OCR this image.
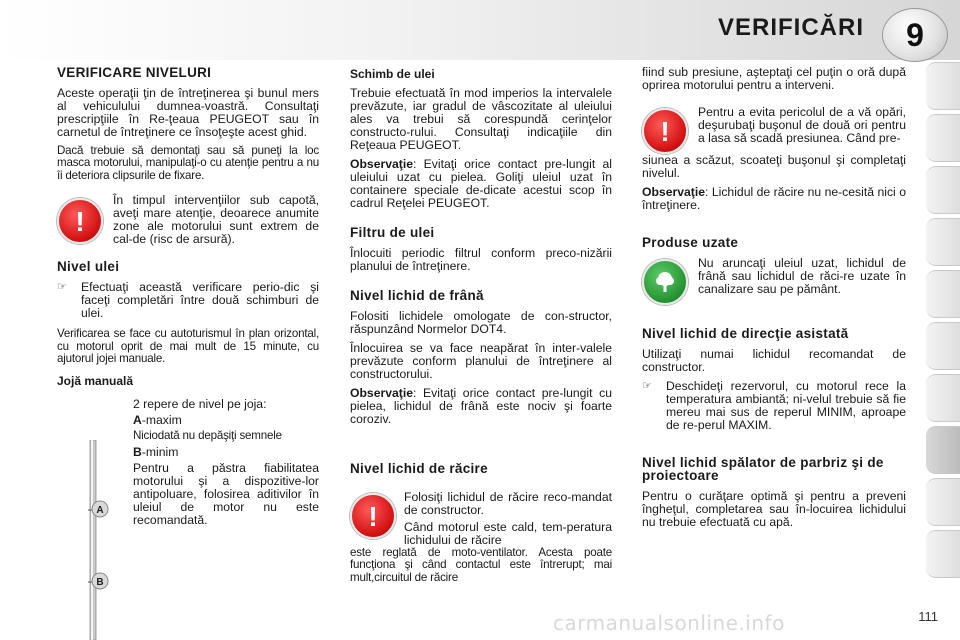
VERIFICĂRI	9
VERIFICARE NIVELURI

Aceste operaţii ţin de întreţinerea şi bunul mers al vehiculului dumnea-voastră. Consultaţi prescripţiile în Re-ţeaua PEUGEOT sau în carnetul de întreţinere ce însoţeşte acest ghid.

Dacă trebuie să demontaţi sau să puneţi la loc masca motorului, manipulaţi-o cu atenţie pentru a nu îi deteriora clipsurile de fixare.

!

În timpul intervenţiilor sub capotă, aveţi mare atenţie, deoarece anumite zone ale motorului sunt extrem de cal-de (risc de arsură).

Nivel ulei
☞	Efectuaţi această verificare perio-dic şi faceţi completări între două schimburi de ulei.

Verificarea se face cu autoturismul în plan orizontal, cu motorul oprit de mai mult de 15 minute, cu ajutorul jojei manuale.

Jojă manuală

2 repere de nivel pe joja:

A-maxim

Niciodată nu depăşiţi semnele

B-minim

Pentru a păstra fiabilitatea motorului şi a dispozitive-lor antipoluare, folosirea aditivilor în uleiul de motor nu este recomandată.

A
B
Schimb de ulei

Trebuie efectuată în mod imperios la intervalele prevăzute, iar gradul de vâscozitate al uleiului ales va trebui să corespundă cerinţelor constructo-rului. Consultaţi indicaţiile din Reţeaua PEUGEOT.

Observaţie: Evitaţi orice contact pre-lungit al uleiului uzat cu pielea. Goliţi uleiul uzat în containere speciale de-dicate acestui scop în cadrul Reţelei PEUGEOT.

Filtru de ulei

Înlocuiti periodic filtrul conform preco-nizării planului de întreţinere.

Nivel lichid de frână

Folositi lichidele omologate de con-structor, răspunzând Normelor DOT4.

Înlocuirea se va face neapărat în inter-valele prevăzute conform planului de întreţinere al constructorului.

Observaţie: Evitaţi orice contact pre-lungit cu pielea, lichidul de frână este nociv şi foarte coroziv.

Nivel lichid de răcire
!

Folosiţi lichidul de răcire reco-mandat de constructor.

Când motorul este cald, tem-peratura lichidului de răcire

este reglată de moto-ventilator. Acesta poate funcţiona şi când contactul este întrerupt; mai mult,circuitul de răcire

fiind sub presiune, aşteptaţi cel puţin o oră după oprirea motorului pentru a interveni.

!

Pentru a evita pericolul de a vă opări, deşurubaţi buşonul de două ori pentru a lasa să scadă presiunea. Când pre-

siunea a scăzut, scoateţi buşonul şi completaţi nivelul.

Observaţie: Lichidul de răcire nu ne-cesită nici o întreţinere.

Produse uzate

Nu aruncaţi uleiul uzat, lichidul de frână sau lichidul de răci-re uzate în canalizare sau pe pământ.

Nivel lichid de direcţie asistată

Utilizaţi numai lichidul recomandat de constructor.

☞	Deschideţi rezervorul, cu motorul rece la temperatura ambiantă; ni-velul trebuie să fie mereu mai sus de reperul MINIM, aproape de re-perul MAXIM.
Nivel lichid spălator de parbriz şi de proiectoare

Pentru o curăţare optimă şi pentru a preveni îngheţul, completarea sau în-locuirea lichidului nu trebuie efectuată cu apă.

carmanualsonline.info	111
